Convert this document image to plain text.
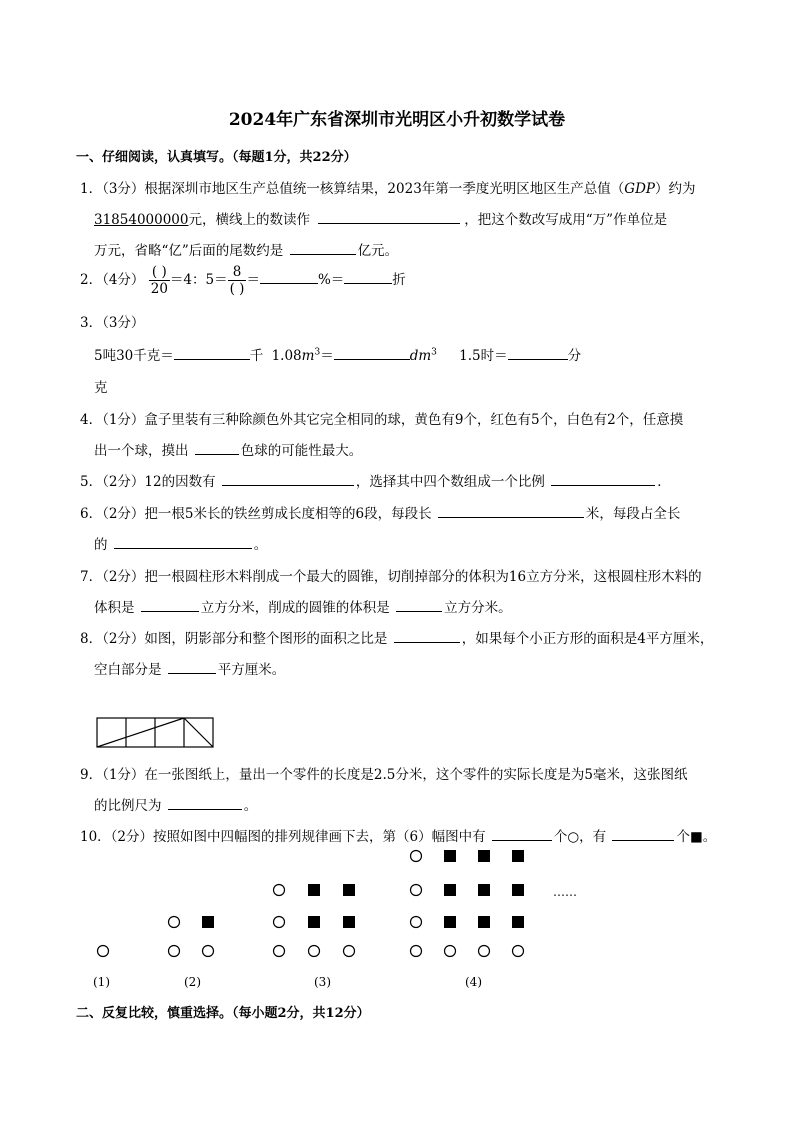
2024年广东省深圳市光明区小升初数学试卷
一、仔细阅读，认真填写。（每题1分，共22分）
1．（3分）根据深圳市地区生产总值统一核算结果，2023年第一季度光明区地区生产总值（GDP）约为
31854000000元，横线上的数读作	，把这个数改写成用“万”作单位是
万元，省略“亿”后面的尾数约是	亿元。
2．（4分） $\frac{( )}{20} =4$：$5= \frac{8}{( )}$ ＝	%＝	折
3．（3分）
5吨30千克＝	千 $1.08m^3=$	$dm^3$ 1.5时＝	分
克
4．（1分）盒子里装有三种除颜色外其它完全相同的球，黄色有9个，红色有5个，白色有2个，任意摸
出一个球，摸出	色球的可能性最大。
5．（2分）12的因数有	，选择其中四个数组成一个比例	．
6．（2分）把一根5米长的铁丝剪成长度相等的6段，每段长	米，每段占全长
的	。
7．（2分）把一根圆柱形木料削成一个最大的圆锥，切削掉部分的体积为16立方分米，这根圆柱形木料的
体积是	立方分米，削成的圆锥的体积是	立方分米。
8．（2分）如图，阴影部分和整个图形的面积之比是	，如果每个小正方形的面积是4平方厘米，
空白部分是	平方厘米。
9．（1分）在一张图纸上，量出一个零件的长度是2.5分米，这个零件的实际长度是为5毫米，这张图纸
的比例尺为	。
10．（2分）按照如图中四幅图的排列规律画下去，第（6）幅图中有	个○，有	个■。
……
(1)	(2)	(3)	(4)
二、反复比较，慎重选择。（每小题2分，共12分）
